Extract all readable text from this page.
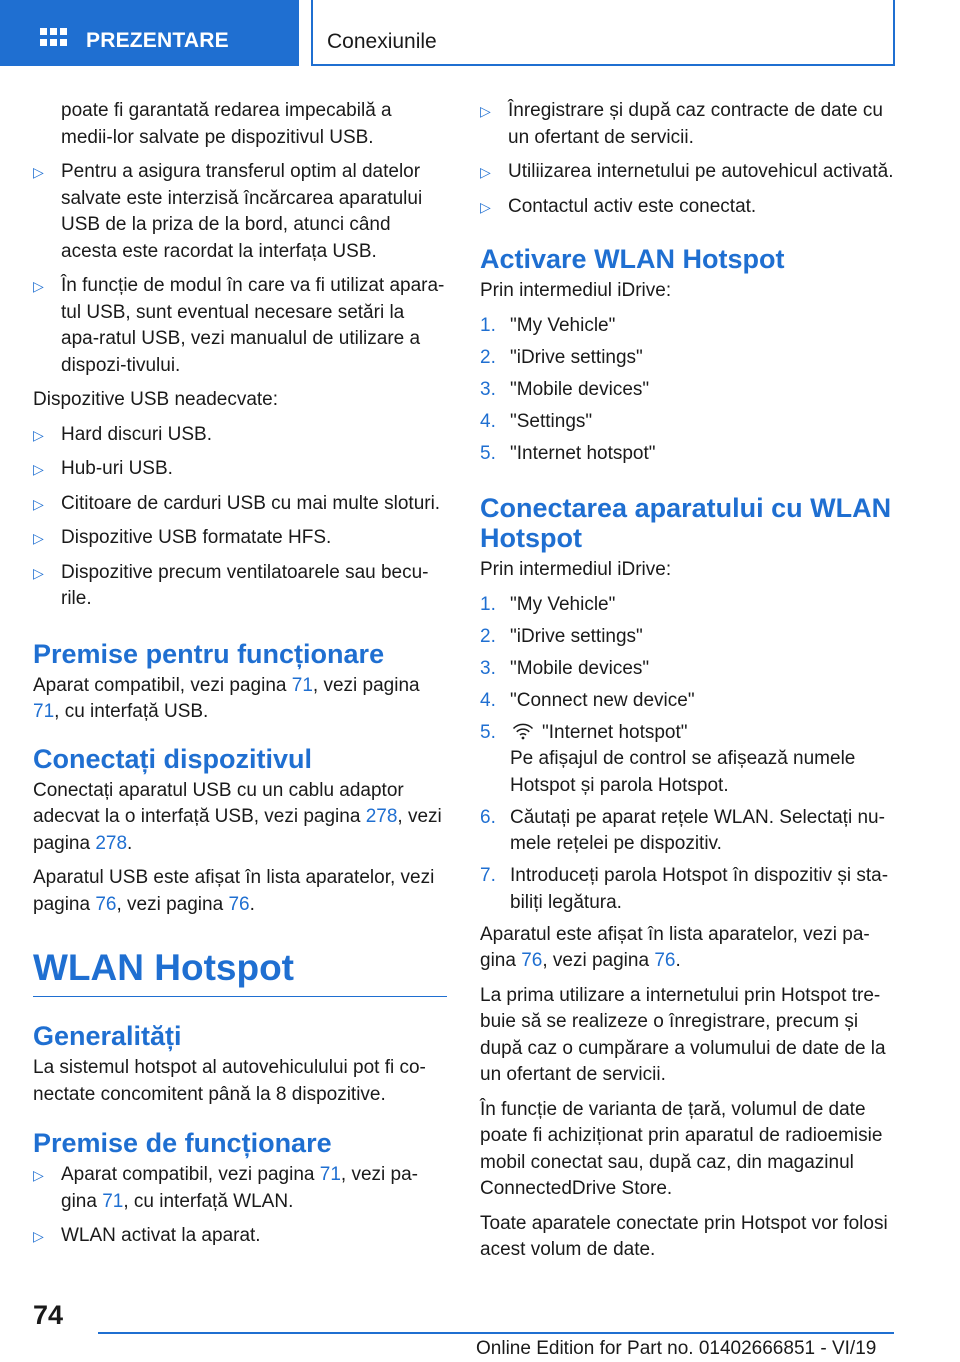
PREZENTARE	Conexiunile

poate fi garantată redarea impecabilă a medii-lor salvate pe dispozitivul USB.

▷ Pentru a asigura transferul optim al datelor salvate este interzisă încărcarea aparatului USB de la priza de la bord, atunci când acesta este racordat la interfața USB.
▷ În funcție de modul în care va fi utilizat apara-tul USB, sunt eventual necesare setări la apa-ratul USB, vezi manualul de utilizare a dispozi-tivului.

Dispozitive USB neadecvate:

▷ Hard discuri USB.
▷ Hub-uri USB.
▷ Cititoare de carduri USB cu mai multe sloturi.
▷ Dispozitive USB formatate HFS.
▷ Dispozitive precum ventilatoarele sau becu-rile.
Premise pentru funcționare

Aparat compatibil, vezi pagina 71, vezi pagina 71, cu interfață USB.

Conectați dispozitivul

Conectați aparatul USB cu un cablu adaptor adecvat la o interfață USB, vezi pagina 278, vezi pagina 278.

Aparatul USB este afișat în lista aparatelor, vezi pagina 76, vezi pagina 76.

WLAN Hotspot
Generalități

La sistemul hotspot al autovehiculului pot fi co-nectate concomitent până la 8 dispozitive.

Premise de funcționare
▷ Aparat compatibil, vezi pagina 71, vezi pa-gina 71, cu interfață WLAN.
▷ WLAN activat la aparat.
▷ Înregistrare și după caz contracte de date cu un ofertant de servicii.
▷ Utiliizarea internetului pe autovehicul activată.
▷ Contactul activ este conectat.
Activare WLAN Hotspot

Prin intermediul iDrive:

1. "My Vehicle"
2. "iDrive settings"
3. "Mobile devices"
4. "Settings"
5. "Internet hotspot"
Conectarea aparatului cu WLAN Hotspot

Prin intermediul iDrive:

1. "My Vehicle"
2. "iDrive settings"
3. "Mobile devices"
4. "Connect new device"
5. "Internet hotspot"
Pe afișajul de control se afișează numele Hotspot și parola Hotspot.
6. Căutați pe aparat rețele WLAN. Selectați nu-mele rețelei pe dispozitiv.
7. Introduceți parola Hotspot în dispozitiv și sta-biliți legătura.

Aparatul este afișat în lista aparatelor, vezi pa-gina 76, vezi pagina 76.

La prima utilizare a internetului prin Hotspot tre-buie să se realizeze o înregistrare, precum și după caz o cumpărare a volumului de date de la un ofertant de servicii.

În funcție de varianta de țară, volumul de date poate fi achiziționat prin aparatul de radioemisie mobil conectat sau, după caz, din magazinul ConnectedDrive Store.

Toate aparatele conectate prin Hotspot vor folosi acest volum de date.

74
Online Edition for Part no. 01402666851 - VI/19
